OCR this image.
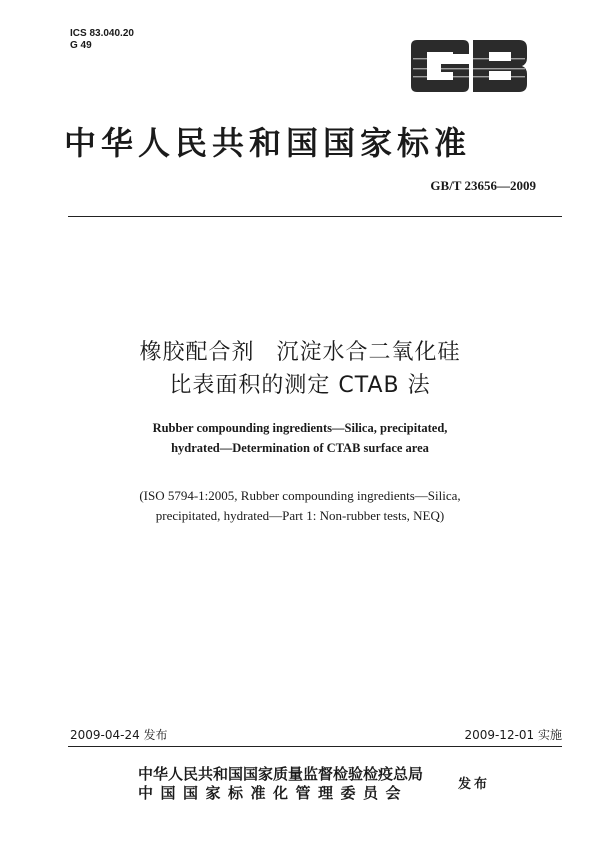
ICS 83.040.20
G 49
中华人民共和国国家标准
GB/T 23656—2009
橡胶配合剂 沉淀水合二氧化硅
比表面积的测定 CTAB 法
Rubber compounding ingredients—Silica, precipitated,
hydrated—Determination of CTAB surface area
(ISO 5794-1:2005, Rubber compounding ingredients—Silica,
precipitated, hydrated—Part 1: Non-rubber tests, NEQ)
2009-04-24 发布	2009-12-01 实施
中华人民共和国国家质量监督检验检疫总局
中国国家标准化管理委员会	发布
